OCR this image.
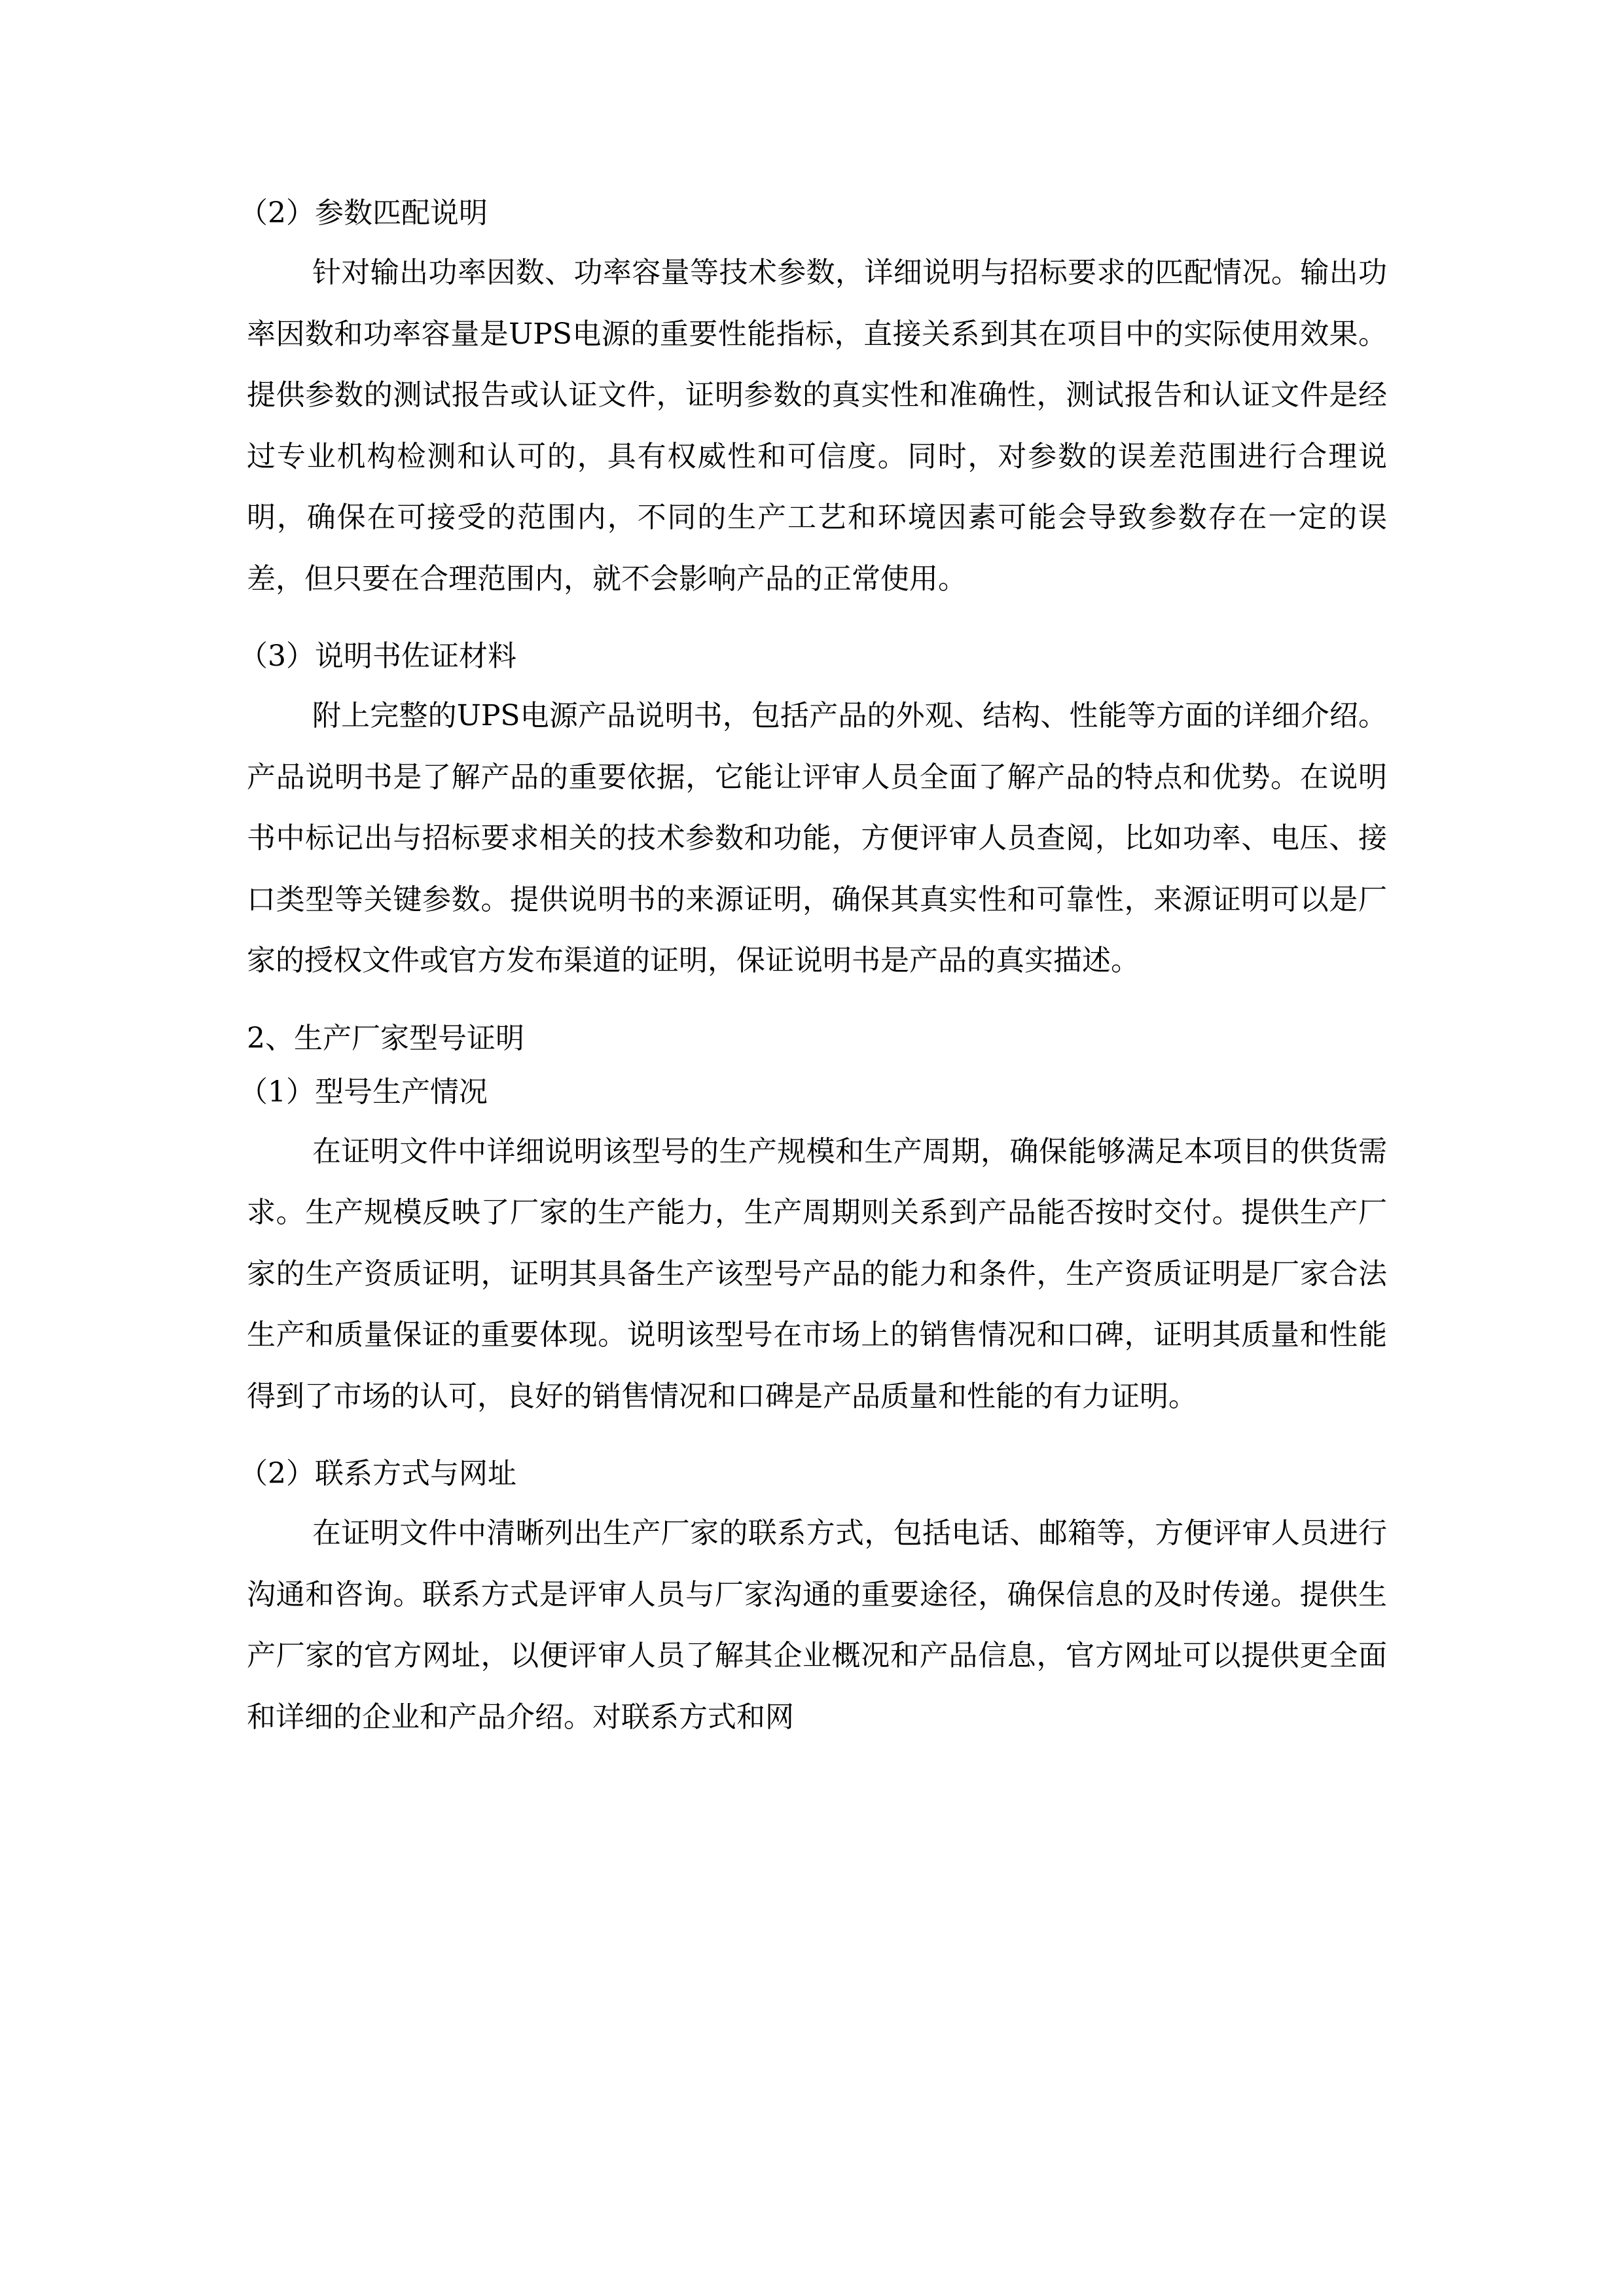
（2）参数匹配说明

针对输出功率因数、功率容量等技术参数，详细说明与招标要求的匹配情况。输出功率因数和功率容量是UPS电源的重要性能指标，直接关系到其在项目中的实际使用效果。提供参数的测试报告或认证文件，证明参数的真实性和准确性，测试报告和认证文件是经过专业机构检测和认可的，具有权威性和可信度。同时，对参数的误差范围进行合理说明，确保在可接受的范围内，不同的生产工艺和环境因素可能会导致参数存在一定的误差，但只要在合理范围内，就不会影响产品的正常使用。

（3）说明书佐证材料

附上完整的UPS电源产品说明书，包括产品的外观、结构、性能等方面的详细介绍。产品说明书是了解产品的重要依据，它能让评审人员全面了解产品的特点和优势。在说明书中标记出与招标要求相关的技术参数和功能，方便评审人员查阅，比如功率、电压、接口类型等关键参数。提供说明书的来源证明，确保其真实性和可靠性，来源证明可以是厂家的授权文件或官方发布渠道的证明，保证说明书是产品的真实描述。

2、生产厂家型号证明

（1）型号生产情况

在证明文件中详细说明该型号的生产规模和生产周期，确保能够满足本项目的供货需求。生产规模反映了厂家的生产能力，生产周期则关系到产品能否按时交付。提供生产厂家的生产资质证明，证明其具备生产该型号产品的能力和条件，生产资质证明是厂家合法生产和质量保证的重要体现。说明该型号在市场上的销售情况和口碑，证明其质量和性能得到了市场的认可，良好的销售情况和口碑是产品质量和性能的有力证明。

（2）联系方式与网址

在证明文件中清晰列出生产厂家的联系方式，包括电话、邮箱等，方便评审人员进行沟通和咨询。联系方式是评审人员与厂家沟通的重要途径，确保信息的及时传递。提供生产厂家的官方网址，以便评审人员了解其企业概况和产品信息，官方网址可以提供更全面和详细的企业和产品介绍。对联系方式和网
